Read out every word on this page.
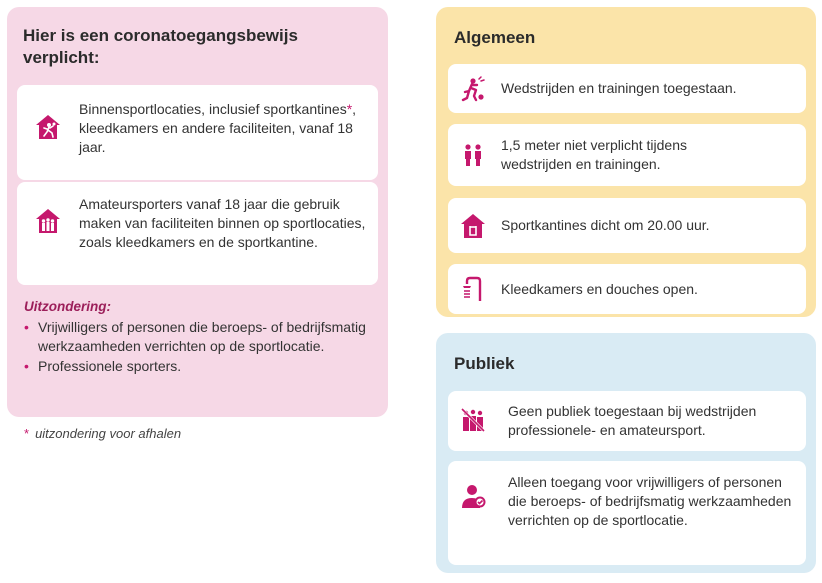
Hier is een coronatoegangsbewijs verplicht:
Binnensportlocaties, inclusief sportkantines*, kleedkamers en andere faciliteiten, vanaf 18 jaar.
Amateursporters vanaf 18 jaar die gebruik maken van faciliteiten binnen op sportlocaties, zoals kleedkamers en de sportkantine.
Uitzondering:
• Vrijwilligers of personen die beroeps- of bedrijfsmatig werkzaamheden verrichten op de sportlocatie.
• Professionele sporters.
* uitzondering voor afhalen
Algemeen
Wedstrijden en trainingen toegestaan.
1,5 meter niet verplicht tijdens wedstrijden en trainingen.
Sportkantines dicht om 20.00 uur.
Kleedkamers en douches open.
Publiek
Geen publiek toegestaan bij wedstrijden professionele- en amateursport.
Alleen toegang voor vrijwilligers of personen die beroeps- of bedrijfsmatig werkzaamheden verrichten op de sportlocatie.
